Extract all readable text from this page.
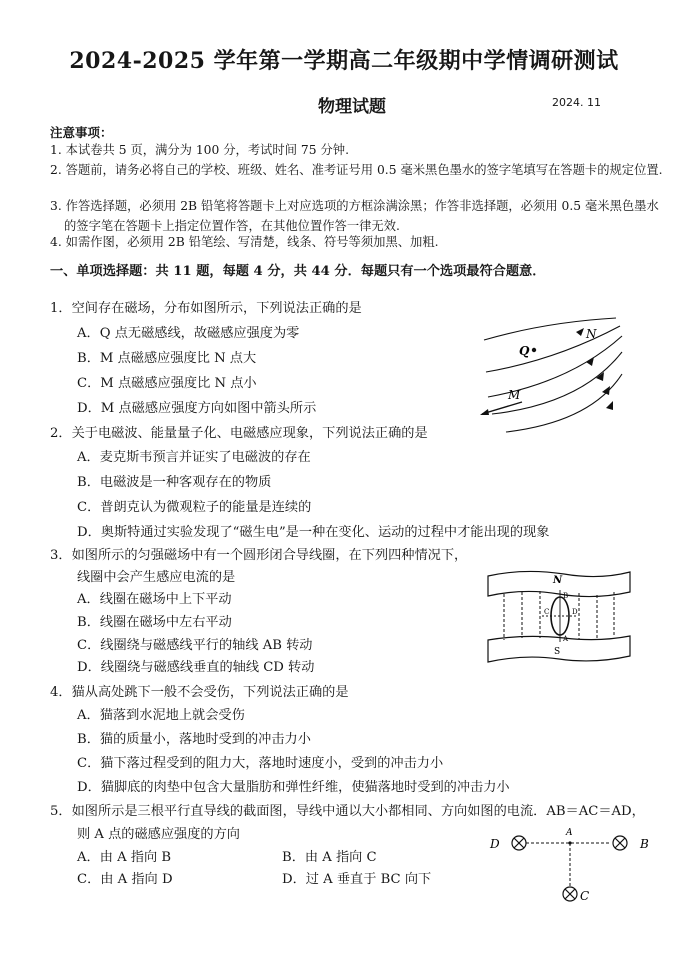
2024-2025 学年第一学期高二年级期中学情调研测试
物理试题	2024. 11
注意事项：
1. 本试卷共 5 页，满分为 100 分，考试时间 75 分钟.
2. 答题前，请务必将自己的学校、班级、姓名、准考证号用 0.5 毫米黑色墨水的签字笔填写在答题卡的规定位置.
3. 作答选择题，必须用 2B 铅笔将答题卡上对应选项的方框涂满涂黑；作答非选择题，必须用 0.5 毫米黑色墨水的签字笔在答题卡上指定位置作答，在其他位置作答一律无效.
4. 如需作图，必须用 2B 铅笔绘、写清楚，线条、符号等须加黑、加粗.
一、单项选择题：共 11 题，每题 4 分，共 44 分．每题只有一个选项最符合题意．
1．空间存在磁场，分布如图所示，下列说法正确的是
A．Q 点无磁感线，故磁感应强度为零
B．M 点磁感应强度比 N 点大
C．M 点磁感应强度比 N 点小
D．M 点磁感应强度方向如图中箭头所示
Q
N
M
2．关于电磁波、能量量子化、电磁感应现象，下列说法正确的是
A．麦克斯韦预言并证实了电磁波的存在
B．电磁波是一种客观存在的物质
C．普朗克认为微观粒子的能量是连续的
D．奥斯特通过实验发现了“磁生电”是一种在变化、运动的过程中才能出现的现象
3．如图所示的匀强磁场中有一个圆形闭合导线圈，在下列四种情况下，
线圈中会产生感应电流的是
A．线圈在磁场中上下平动
B．线圈在磁场中左右平动
C．线圈绕与磁感线平行的轴线 AB 转动
D．线圈绕与磁感线垂直的轴线 CD 转动
N
S
B
A
C	D
4．猫从高处跳下一般不会受伤，下列说法正确的是
A．猫落到水泥地上就会受伤
B．猫的质量小，落地时受到的冲击力小
C．猫下落过程受到的阻力大，落地时速度小，受到的冲击力小
D．猫脚底的肉垫中包含大量脂肪和弹性纤维，使猫落地时受到的冲击力小
5．如图所示是三根平行直导线的截面图，导线中通以大小都相同、方向如图的电流．AB＝AC＝AD，
则 A 点的磁感应强度的方向
A．由 A 指向 B	B．由 A 指向 C
C．由 A 指向 D	D．过 A 垂直于 BC 向下
D
A
B
C
